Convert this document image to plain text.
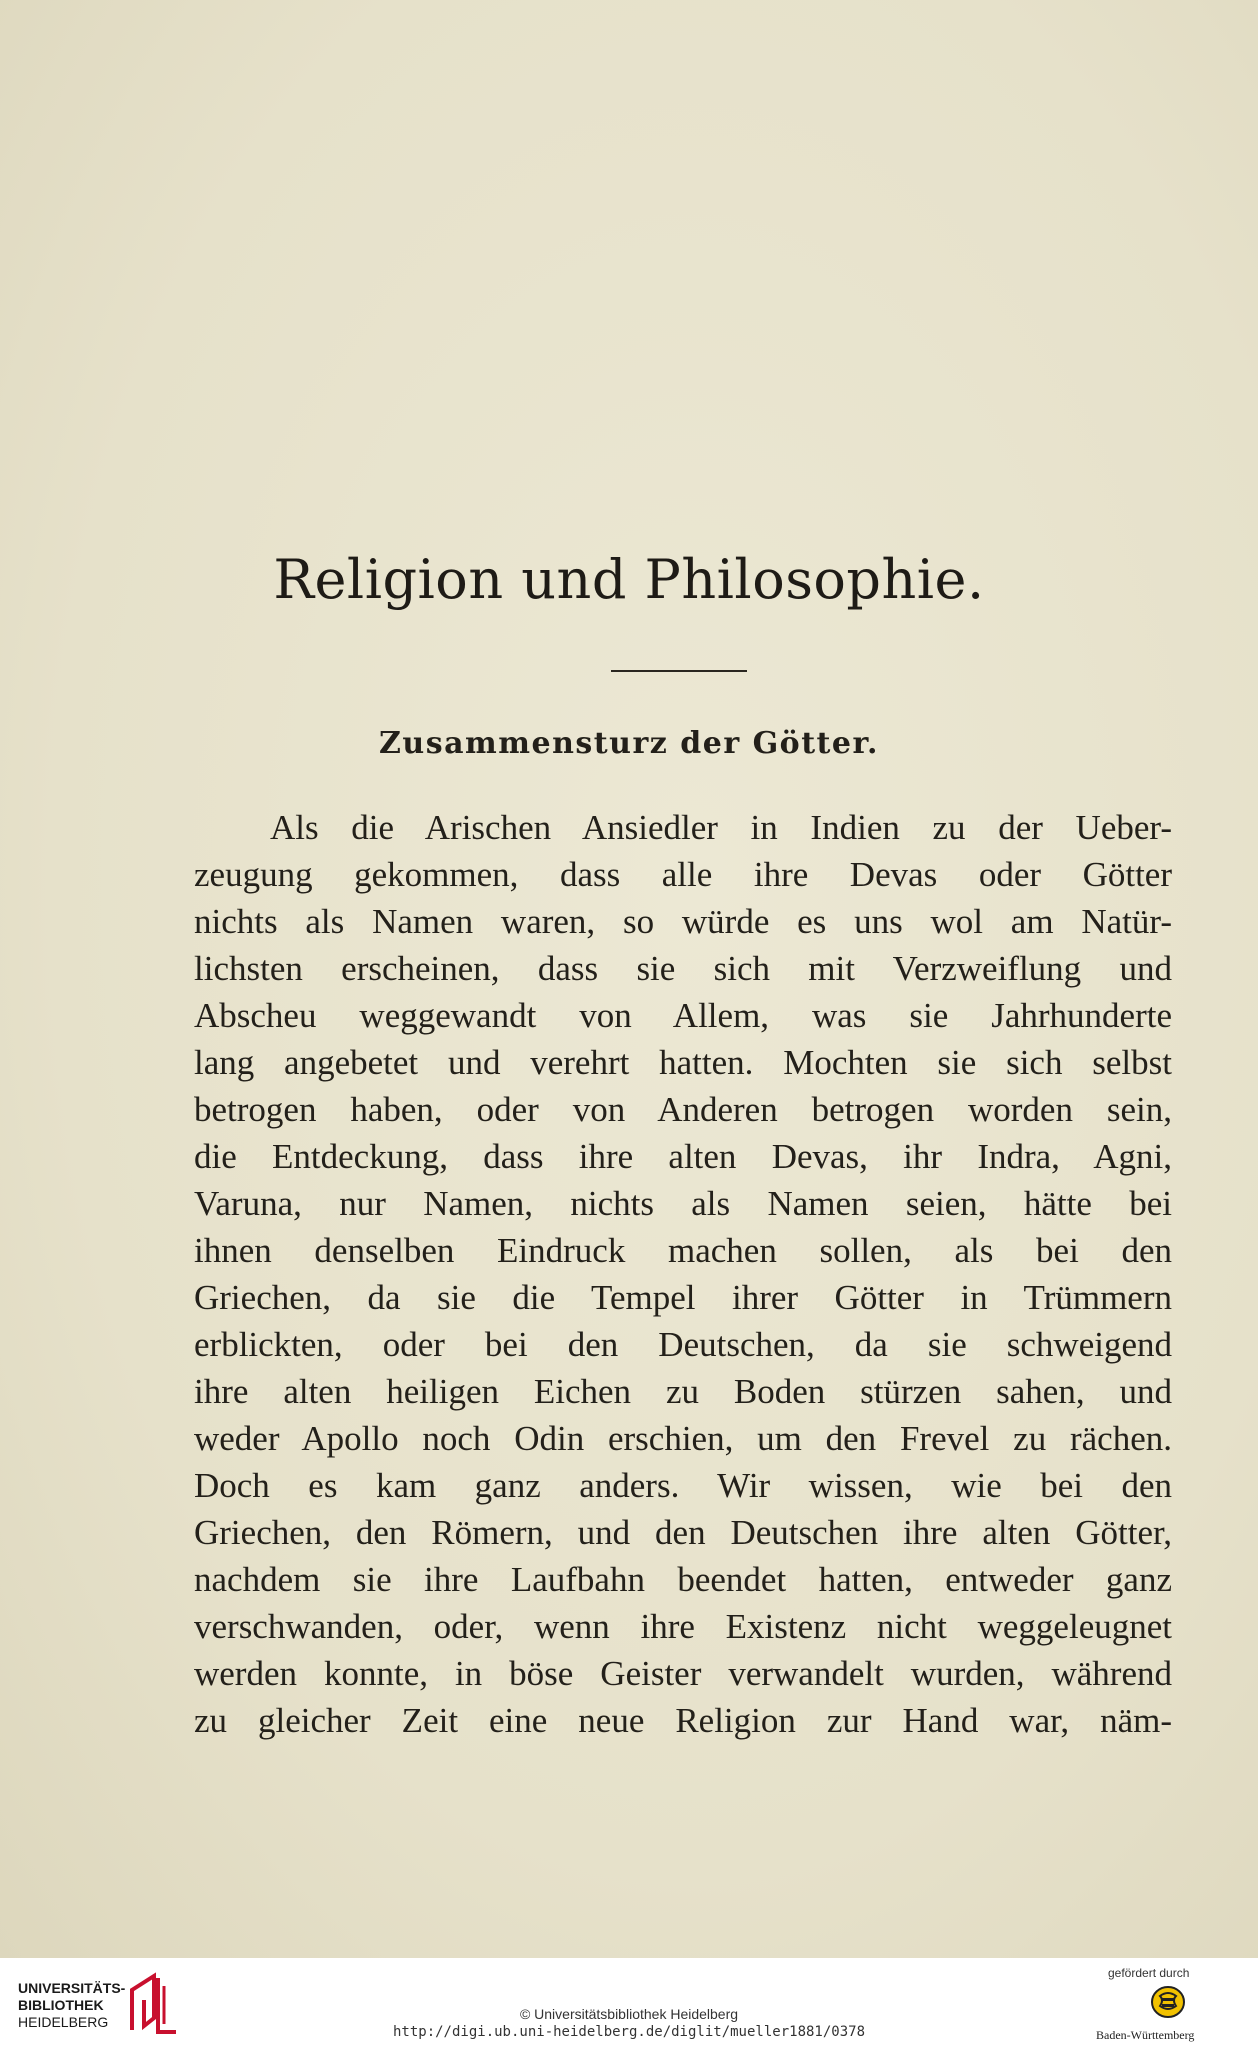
Religion und Philosophie.
Zusammensturz der Götter.
Als die Arischen Ansiedler in Indien zu der Ueber-
zeugung gekommen, dass alle ihre Devas oder Götter
nichts als Namen waren, so würde es uns wol am Natür-
lichsten erscheinen, dass sie sich mit Verzweiflung und
Abscheu weggewandt von Allem, was sie Jahrhunderte
lang angebetet und verehrt hatten. Mochten sie sich selbst
betrogen haben, oder von Anderen betrogen worden sein,
die Entdeckung, dass ihre alten Devas, ihr Indra, Agni,
Varuna, nur Namen, nichts als Namen seien, hätte bei
ihnen denselben Eindruck machen sollen, als bei den
Griechen, da sie die Tempel ihrer Götter in Trümmern
erblickten, oder bei den Deutschen, da sie schweigend
ihre alten heiligen Eichen zu Boden stürzen sahen, und
weder Apollo noch Odin erschien, um den Frevel zu rächen.
Doch es kam ganz anders. Wir wissen, wie bei den
Griechen, den Römern, und den Deutschen ihre alten Götter,
nachdem sie ihre Laufbahn beendet hatten, entweder ganz
verschwanden, oder, wenn ihre Existenz nicht weggeleugnet
werden konnte, in böse Geister verwandelt wurden, während
zu gleicher Zeit eine neue Religion zur Hand war, näm-
UNIVERSITÄTS-
BIBLIOTHEK
HEIDELBERG	© Universitätsbibliothek Heidelberg
http://digi.ub.uni-heidelberg.de/diglit/mueller1881/0378
gefördert durch
Baden-Württemberg
